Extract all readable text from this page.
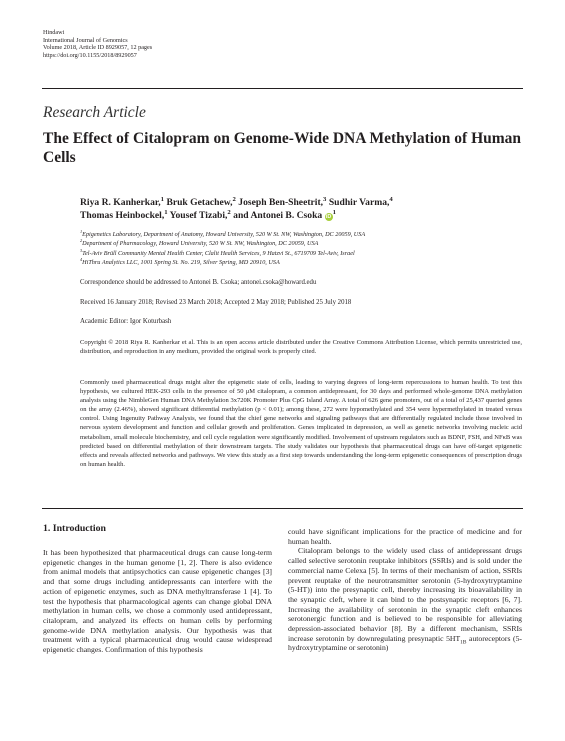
Hindawi
International Journal of Genomics
Volume 2018, Article ID 8929057, 12 pages
https://doi.org/10.1155/2018/8929057
Research Article
The Effect of Citalopram on Genome-Wide DNA Methylation of Human Cells
Riya R. Kanherkar,$^1$ Bruk Getachew,$^2$ Joseph Ben-Sheetrit,$^3$ Sudhir Varma,$^4$
Thomas Heinbockel,$^1$ Yousef Tizabi,$^2$ and Antonei B. Csoka $iD^1$
$^1$Epigenetics Laboratory, Department of Anatomy, Howard University, 520 W St. NW, Washington, DC 20059, USA
$^2$Department of Pharmacology, Howard University, 520 W St. NW, Washington, DC 20059, USA
$^3$Tel-Aviv Brüll Community Mental Health Center, Clalit Health Services, 9 Hatzvi St., 6719709 Tel-Aviv, Israel
$^4$HiThru Analytics LLC, 1001 Spring St. No. 219, Silver Spring, MD 20910, USA
Correspondence should be addressed to Antonei B. Csoka; antonei.csoka@howard.edu
Received 16 January 2018; Revised 23 March 2018; Accepted 2 May 2018; Published 25 July 2018
Academic Editor: Igor Koturbash
Copyright © 2018 Riya R. Kanherkar et al. This is an open access article distributed under the Creative Commons Attribution License, which permits unrestricted use, distribution, and reproduction in any medium, provided the original work is properly cited.
Commonly used pharmaceutical drugs might alter the epigenetic state of cells, leading to varying degrees of long-term repercussions to human health. To test this hypothesis, we cultured HEK-293 cells in the presence of 50 μM citalopram, a common antidepressant, for 30 days and performed whole-genome DNA methylation analysis using the NimbleGen Human DNA Methylation 3x720K Promoter Plus CpG Island Array. A total of 626 gene promoters, out of a total of 25,437 queried genes on the array (2.46%), showed significant differential methylation (p < 0.01); among these, 272 were hypomethylated and 354 were hypermethylated in treated versus control. Using Ingenuity Pathway Analysis, we found that the chief gene networks and signaling pathways that are differentially regulated include those involved in nervous system development and function and cellular growth and proliferation. Genes implicated in depression, as well as genetic networks involving nucleic acid metabolism, small molecule biochemistry, and cell cycle regulation were significantly modified. Involvement of upstream regulators such as BDNF, FSH, and NFκB was predicted based on differential methylation of their downstream targets. The study validates our hypothesis that pharmaceutical drugs can have off-target epigenetic effects and reveals affected networks and pathways. We view this study as a first step towards understanding the long-term epigenetic consequences of prescription drugs on human health.
1. Introduction

It has been hypothesized that pharmaceutical drugs can cause long-term epigenetic changes in the human genome [1, 2]. There is also evidence from animal models that antipsychotics can cause epigenetic changes [3] and that some drugs including antidepressants can interfere with the action of epigenetic enzymes, such as DNA methyltransferase 1 [4]. To test the hypothesis that pharmacological agents can change global DNA methylation in human cells, we chose a commonly used antidepressant, citalopram, and analyzed its effects on human cells by performing genome-wide DNA methylation analysis. Our hypothesis was that treatment with a typical pharmaceutical drug would cause widespread epigenetic changes. Confirmation of this hypothesis

could have significant implications for the practice of medicine and for human health.

Citalopram belongs to the widely used class of antidepressant drugs called selective serotonin reuptake inhibitors (SSRIs) and is sold under the commercial name Celexa [5]. In terms of their mechanism of action, SSRIs prevent reuptake of the neurotransmitter serotonin (5-hydroxytryptamine (5-HT)) into the presynaptic cell, thereby increasing its bioavailability in the synaptic cleft, where it can bind to the postsynaptic receptors [6, 7]. Increasing the availability of serotonin in the synaptic cleft enhances serotonergic function and is believed to be responsible for alleviating depression-associated behavior [8]. By a different mechanism, SSRIs increase serotonin by downregulating presynaptic $5HT_{1B}$ autoreceptors (5-hydroxytryptamine or serotonin)
